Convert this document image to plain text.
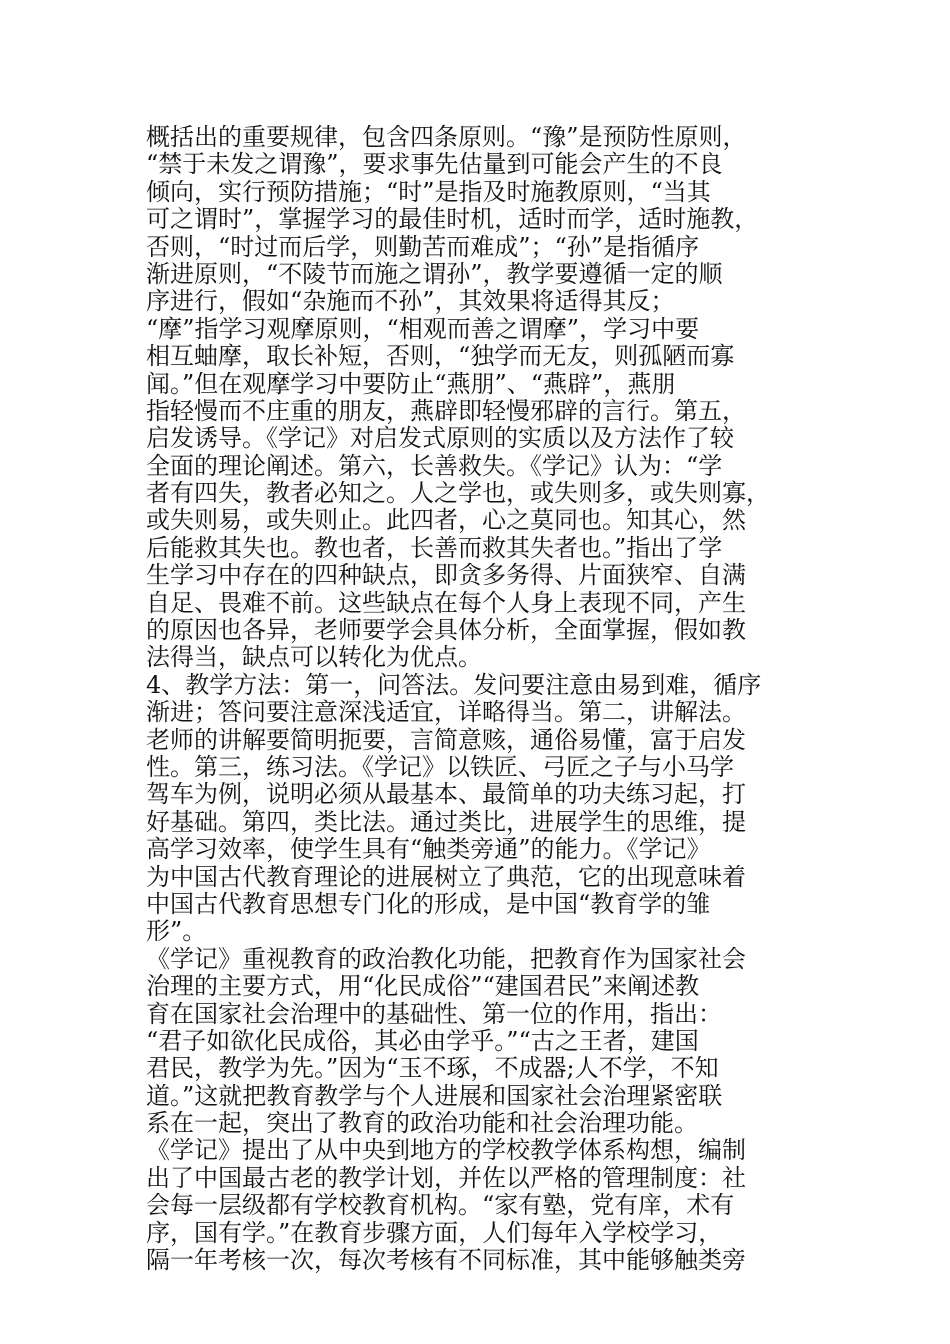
概括出的重要规律，包含四条原则。“豫”是预防性原则，
“禁于未发之谓豫”，要求事先估量到可能会产生的不良
倾向，实行预防措施；“时”是指及时施教原则，“当其
可之谓时”，掌握学习的最佳时机，适时而学，适时施教，
否则，“时过而后学，则勤苦而难成”；“孙”是指循序
渐进原则，“不陵节而施之谓孙”，教学要遵循一定的顺
序进行，假如“杂施而不孙”，其效果将适得其反；
“摩”指学习观摩原则，“相观而善之谓摩”，学习中要
相互蚰摩，取长补短，否则，“独学而无友，则孤陋而寡
闻。”但在观摩学习中要防止“燕朋”、“燕辟”，燕朋
指轻慢而不庄重的朋友，燕辟即轻慢邪辟的言行。第五，
启发诱导。《学记》对启发式原则的实质以及方法作了较
全面的理论阐述。第六，长善救失。《学记》认为：“学
者有四失，教者必知之。人之学也，或失则多，或失则寡，
或失则易，或失则止。此四者，心之莫同也。知其心，然
后能救其失也。教也者，长善而救其失者也。”指出了学
生学习中存在的四种缺点，即贪多务得、片面狭窄、自满
自足、畏难不前。这些缺点在每个人身上表现不同，产生
的原因也各异，老师要学会具体分析，全面掌握，假如教
法得当，缺点可以转化为优点。
4、教学方法：第一，问答法。发问要注意由易到难，循序
渐进；答问要注意深浅适宜，详略得当。第二，讲解法。
老师的讲解要简明扼要，言简意赅，通俗易懂，富于启发
性。第三，练习法。《学记》以铁匠、弓匠之子与小马学
驾车为例，说明必须从最基本、最简单的功夫练习起，打
好基础。第四，类比法。通过类比，进展学生的思维，提
高学习效率，使学生具有“触类旁通”的能力。《学记》
为中国古代教育理论的进展树立了典范，它的出现意味着
中国古代教育思想专门化的形成，是中国“教育学的雏
形”。
《学记》重视教育的政治教化功能，把教育作为国家社会
治理的主要方式，用“化民成俗”“建国君民”来阐述教
育在国家社会治理中的基础性、第一位的作用，指出：
“君子如欲化民成俗，其必由学乎。”“古之王者，建国
君民，教学为先。”因为“玉不琢，不成器;人不学，不知
道。”这就把教育教学与个人进展和国家社会治理紧密联
系在一起，突出了教育的政治功能和社会治理功能。
《学记》提出了从中央到地方的学校教学体系构想，编制
出了中国最古老的教学计划，并佐以严格的管理制度：社
会每一层级都有学校教育机构。“家有塾，党有庠，术有
序，国有学。”在教育步骤方面，人们每年入学校学习，
隔一年考核一次，每次考核有不同标准，其中能够触类旁
